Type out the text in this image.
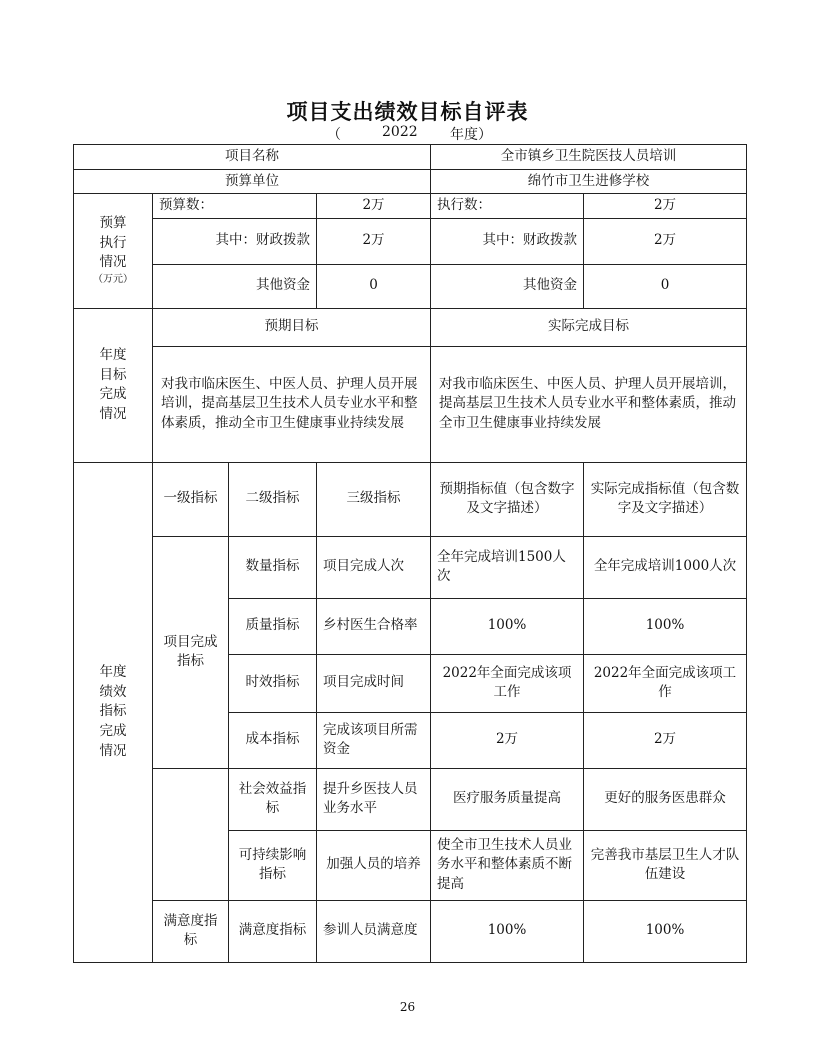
项目支出绩效目标自评表
（	2022 年度）
项目名称				全市镇乡卫生院医技人员培训	
预算单位				绵竹市卫生进修学校	

预算
执行
情况
（万元）	预算数：		2万	执行数：	2万
	其中：财政拨款		2万	其中：财政拨款	2万
	其他资金		0	其他资金	0

年度
目标
完成
情况	预期目标			实际完成目标	
	对我市临床医生、中医人员、护理人员开展培训，提高基层卫生技术人员专业水平和整体素质，推动全市卫生健康事业持续发展			对我市临床医生、中医人员、护理人员开展培训，提高基层卫生技术人员专业水平和整体素质，推动全市卫生健康事业持续发展	

年度
绩效
指标
完成
情况	一级指标	二级指标	三级指标	预期指标值（包含数字及文字描述）	实际完成指标值（包含数字及文字描述）
	项目完成指标	数量指标	项目完成人次	全年完成培训1500人次	全年完成培训1000人次
		质量指标	乡村医生合格率	100%	100%
		时效指标	项目完成时间	2022年全面完成该项工作	2022年全面完成该项工作
		成本指标	完成该项目所需资金	2万	2万
		社会效益指标	提升乡医技人员业务水平	医疗服务质量提高	更好的服务医患群众
		可持续影响指标	加强人员的培养	使全市卫生技术人员业务水平和整体素质不断提高	完善我市基层卫生人才队伍建设
	满意度指标	满意度指标	参训人员满意度	100%	100%
26
